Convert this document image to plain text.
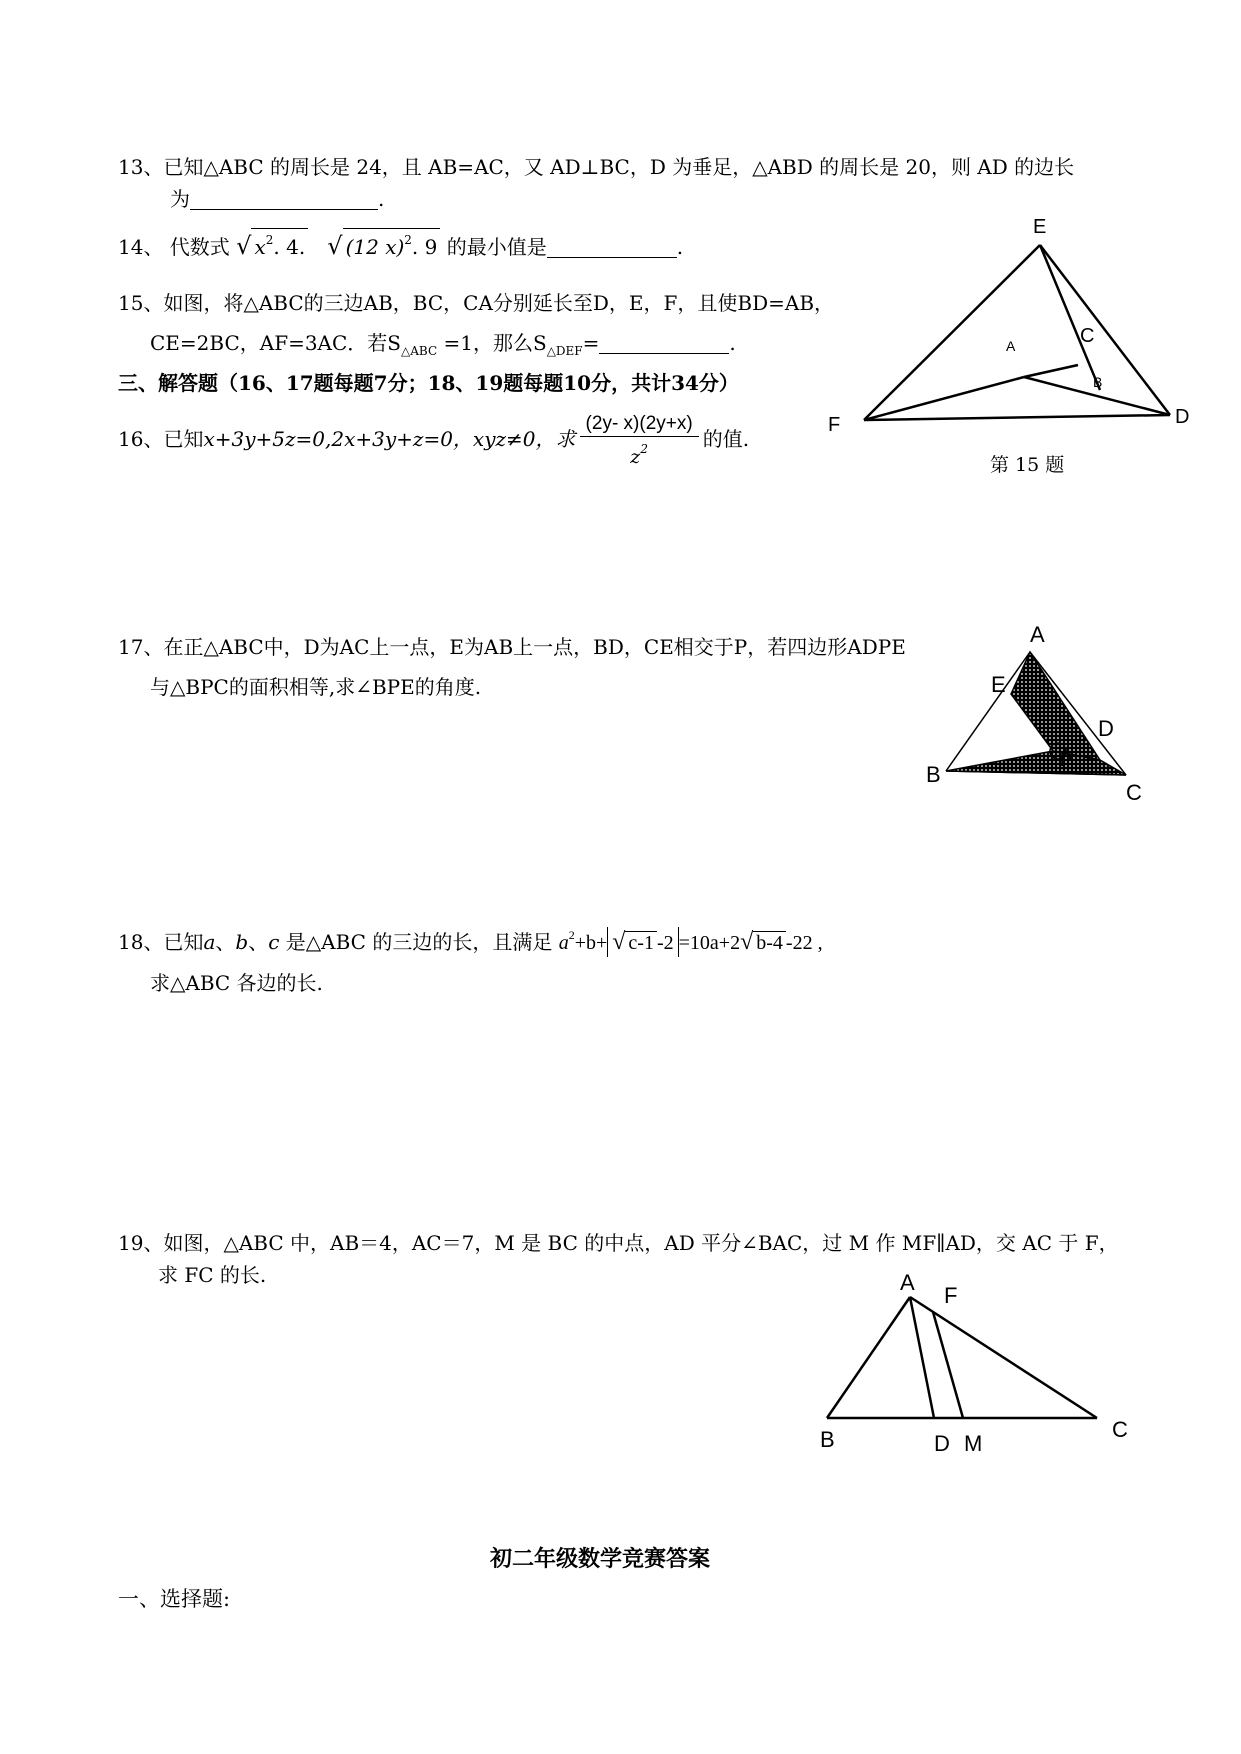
13、已知△ABC 的周长是 24，且 AB=AC，又 AD⊥BC，D 为垂足，△ABD 的周长是 20，则 AD 的边长
为	.
14、 代数式 √ $x^2$. 4. √ (12 x)$^2$. 9 的最小值是	.
15、如图，将△ABC的三边AB，BC，CA分别延长至D，E，F，且使BD=AB，
CE=2BC，AF=3AC．若$S_{\triangle ABC} =1$，那么$S_{\triangle DEF}=$	.
三、解答题（16、17题每题7分；18、19题每题10分，共计34分）
16、已知x+3y+5z=0,2x+3y+z=0，xyz≠0，求 $\frac{(2y- x)(2y+x)}{z^2}$ 的值.
E
F	D
A	C
B
第 15 题
17、在正△ABC中，D为AC上一点，E为AB上一点，BD，CE相交于P，若四边形ADPE
与△BPC的面积相等,求∠BPE的角度.
A
E
D
P
B
C
18、已知a、b、c 是△ABC 的三边的长，且满足 $a^2+b+$ √ c-1 -2 =10a+2√ b-4 -22 ,
求△ABC 各边的长.
19、如图，△ABC 中，AB＝4，AC＝7，M 是 BC 的中点，AD 平分∠BAC，过 M 作 MF∥AD，交 AC 于 F，
求 FC 的长.	A
F
B	D M
C
初二年级数学竞赛答案
一、选择题:
